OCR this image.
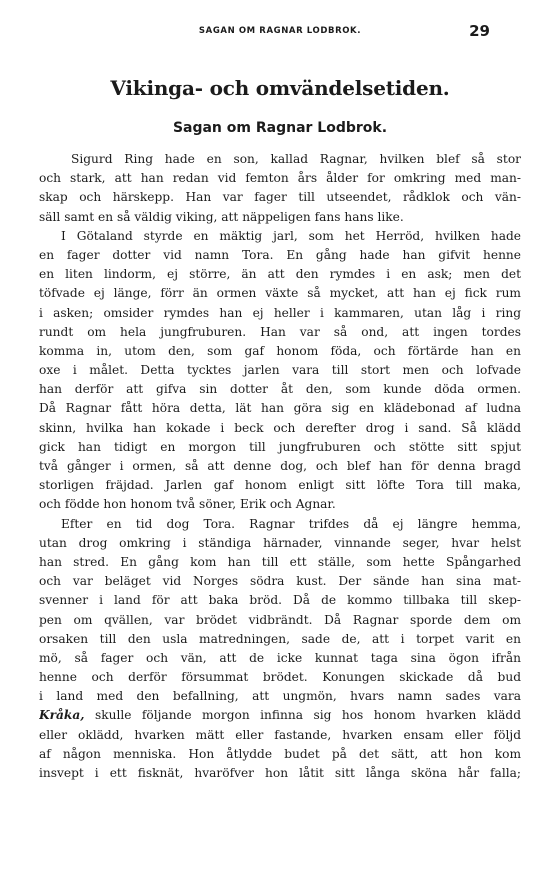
SAGAN OM RAGNAR LODBROK.	29
Vikinga- och omvändelsetiden.
Sagan om Ragnar Lodbrok.
Sigurd Ring hade en son, kallad Ragnar, hvilken blef så stor
och stark, att han redan vid femton års ålder for omkring med man-
skap och härskepp. Han var fager till utseendet, rådklok och vän-
säll samt en så väldig viking, att näppeligen fans hans like.
I Götaland styrde en mäktig jarl, som het Herröd, hvilken hade
en fager dotter vid namn Tora. En gång hade han gifvit henne
en liten lindorm, ej större, än att den rymdes i en ask; men det
töfvade ej länge, förr än ormen växte så mycket, att han ej fick rum
i asken; omsider rymdes han ej heller i kammaren, utan låg i ring
rundt om hela jungfruburen. Han var så ond, att ingen tordes
komma in, utom den, som gaf honom föda, och förtärde han en
oxe i målet. Detta tycktes jarlen vara till stort men och lofvade
han derför att gifva sin dotter åt den, som kunde döda ormen.
Då Ragnar fått höra detta, lät han göra sig en klädebonad af ludna
skinn, hvilka han kokade i beck och derefter drog i sand. Så klädd
gick han tidigt en morgon till jungfruburen och stötte sitt spjut
två gånger i ormen, så att denne dog, och blef han för denna bragd
storligen fräjdad. Jarlen gaf honom enligt sitt löfte Tora till maka,
och födde hon honom två söner, Erik och Agnar.
Efter en tid dog Tora. Ragnar trifdes då ej längre hemma,
utan drog omkring i ständiga härnader, vinnande seger, hvar helst
han stred. En gång kom han till ett ställe, som hette Spångarhed
och var beläget vid Norges södra kust. Der sände han sina mat-
svenner i land för att baka bröd. Då de kommo tillbaka till skep-
pen om qvällen, var brödet vidbrändt. Då Ragnar sporde dem om
orsaken till den usla matredningen, sade de, att i torpet varit en
mö, så fager och vän, att de icke kunnat taga sina ögon ifrån
henne och derför försummat brödet. Konungen skickade då bud
i land med den befallning, att ungmön, hvars namn sades vara
Kråka, skulle följande morgon infinna sig hos honom hvarken klädd
eller oklädd, hvarken mätt eller fastande, hvarken ensam eller följd
af någon menniska. Hon åtlydde budet på det sätt, att hon kom
insvept i ett fisknät, hvaröfver hon låtit sitt långa sköna hår falla;
